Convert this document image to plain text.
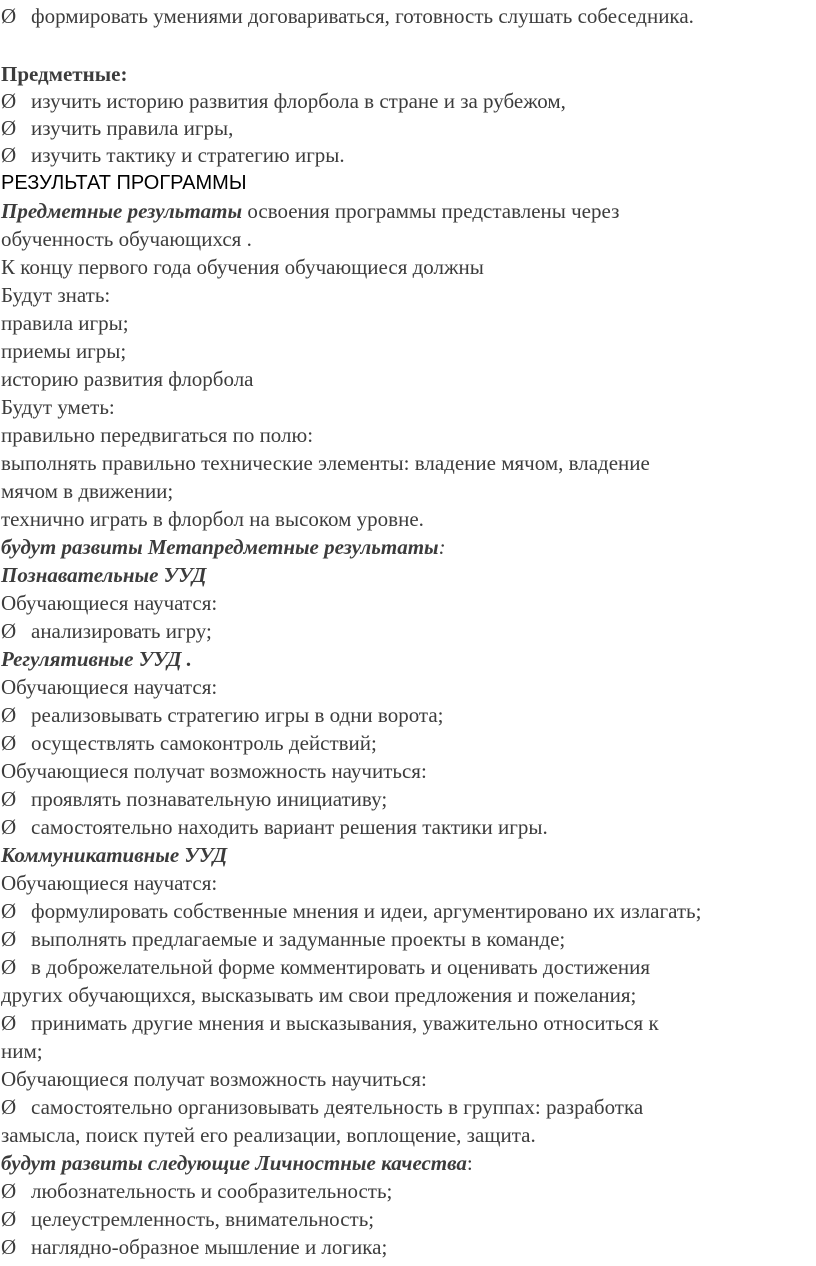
Ø формировать умениями договариваться, готовность слушать собеседника.
Предметные:
Ø изучить историю развития флорбола в стране и за рубежом,
Ø изучить правила игры,
Ø изучить тактику и стратегию игры.
РЕЗУЛЬТАТ ПРОГРАММЫ
Предметные результаты освоения программы представлены через
обученность обучающихся .
К концу первого года обучения обучающиеся должны
Будут знать:
правила игры;
приемы игры;
историю развития флорбола
Будут уметь:
правильно передвигаться по полю:
выполнять правильно технические элементы: владение мячом, владение
мячом в движении;
технично играть в флорбол на высоком уровне.
будут развиты Метапредметные результаты:
Познавательные УУД
Обучающиеся научатся:
Ø анализировать игру;
Регулятивные УУД .
Обучающиеся научатся:
Ø реализовывать стратегию игры в одни ворота;
Ø осуществлять самоконтроль действий;
Обучающиеся получат возможность научиться:
Ø проявлять познавательную инициативу;
Ø самостоятельно находить вариант решения тактики игры.
Коммуникативные УУД
Обучающиеся научатся:
Ø формулировать собственные мнения и идеи, аргументировано их излагать;
Ø выполнять предлагаемые и задуманные проекты в команде;
Ø в доброжелательной форме комментировать и оценивать достижения
других обучающихся, высказывать им свои предложения и пожелания;
Ø принимать другие мнения и высказывания, уважительно относиться к
ним;
Обучающиеся получат возможность научиться:
Ø самостоятельно организовывать деятельность в группах: разработка
замысла, поиск путей его реализации, воплощение, защита.
будут развиты следующие Личностные качества:
Ø любознательность и сообразительность;
Ø целеустремленность, внимательность;
Ø наглядно-образное мышление и логика;
